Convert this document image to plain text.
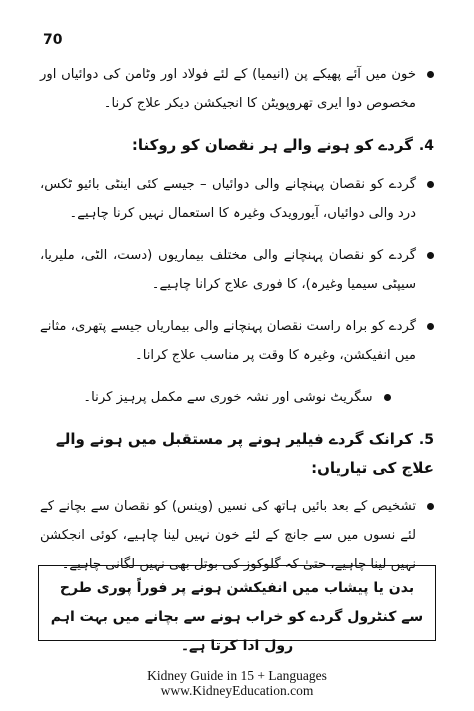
70
خون میں آئے پھیکے پن (انیمیا) کے لئے فولاد اور وٹامن کی دوائیاں اور مخصوص دوا ایری تھروپویٹن کا انجیکشن دیکر علاج کرنا۔
4.گردے کو ہونے والے ہر نقصان کو روکنا:
گردے کو نقصان پہنچانے والی دوائیاں – جیسے کئی اینٹی بائیو ٹکس، درد والی دوائیاں، آیورویدک وغیرہ کا استعمال نہیں کرنا چاہیے۔
گردے کو نقصان پہنچانے والی مختلف بیماریوں (دست، الٹی، ملیریا، سیپٹی سیمیا وغیرہ)، کا فوری علاج کرانا چاہیے۔
گردے کو براہ راست نقصان پہنچانے والی بیماریاں جیسے پتھری، مثانے میں انفیکشن، وغیرہ کا وقت پر مناسب علاج کرانا۔
سگریٹ نوشی اور نشہ خوری سے مکمل پرہیز کرنا۔
5.کرانک گردے فیلیر ہونے پر مستقبل میں ہونے والے علاج کی تیاریاں:
تشخیص کے بعد بائیں ہاتھ کی نسیں (وینس) کو نقصان سے بچانے کے لئے نسوں میں سے جانچ کے لئے خون نہیں لینا چاہیے، کوئی انجکشن نہیں لینا چاہیے، حتیٰ کہ گلوکوز کی بوتل بھی نہیں لگانی چاہیے۔
بدن یا پیشاب میں انفیکشن ہونے پر فوراً پوری طرح سے کنٹرول گردے کو خراب ہونے سے بچانے میں بہت اہم رول ادا کرتا ہے۔
Kidney Guide in 15 + Languages
www.KidneyEducation.com
